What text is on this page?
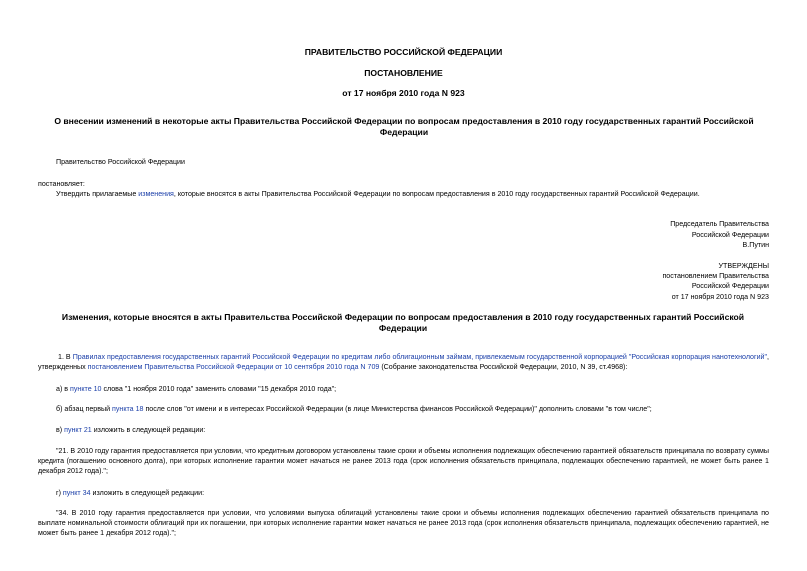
ПРАВИТЕЛЬСТВО РОССИЙСКОЙ ФЕДЕРАЦИИ
ПОСТАНОВЛЕНИЕ
от 17 ноября 2010 года N 923
О внесении изменений в некоторые акты Правительства Российской Федерации по вопросам предоставления в 2010 году государственных гарантий Российской Федерации
Правительство Российской Федерации
постановляет:
Утвердить прилагаемые изменения, которые вносятся в акты Правительства Российской Федерации по вопросам предоставления в 2010 году государственных гарантий Российской Федерации.
Председатель Правительства
Российской Федерации
В.Путин
УТВЕРЖДЕНЫ
постановлением Правительства
Российской Федерации
от 17 ноября 2010 года N 923
Изменения, которые вносятся в акты Правительства Российской Федерации по вопросам предоставления в 2010 году государственных гарантий Российской Федерации
1. В Правилах предоставления государственных гарантий Российской Федерации по кредитам либо облигационным займам, привлекаемым государственной корпорацией "Российская корпорация нанотехнологий", утвержденных постановлением Правительства Российской Федерации от 10 сентября 2010 года N 709 (Собрание законодательства Российской Федерации, 2010, N 39, ст.4968):
а) в пункте 10 слова "1 ноября 2010 года" заменить словами "15 декабря 2010 года";
б) абзац первый пункта 18 после слов "от имени и в интересах Российской Федерации (в лице Министерства финансов Российской Федерации)" дополнить словами "в том числе";
в) пункт 21 изложить в следующей редакции:
"21. В 2010 году гарантия предоставляется при условии, что кредитным договором установлены такие сроки и объемы исполнения подлежащих обеспечению гарантией обязательств принципала по возврату суммы кредита (погашению основного долга), при которых исполнение гарантии может начаться не ранее 2013 года (срок исполнения обязательств принципала, подлежащих обеспечению гарантией, не может быть ранее 1 декабря 2012 года).";
г) пункт 34 изложить в следующей редакции:
"34. В 2010 году гарантия предоставляется при условии, что условиями выпуска облигаций установлены такие сроки и объемы исполнения подлежащих обеспечению гарантией обязательств принципала по выплате номинальной стоимости облигаций при их погашении, при которых исполнение гарантии может начаться не ранее 2013 года (срок исполнения обязательств принципала, подлежащих обеспечению гарантией, не может быть ранее 1 декабря 2012 года).";
